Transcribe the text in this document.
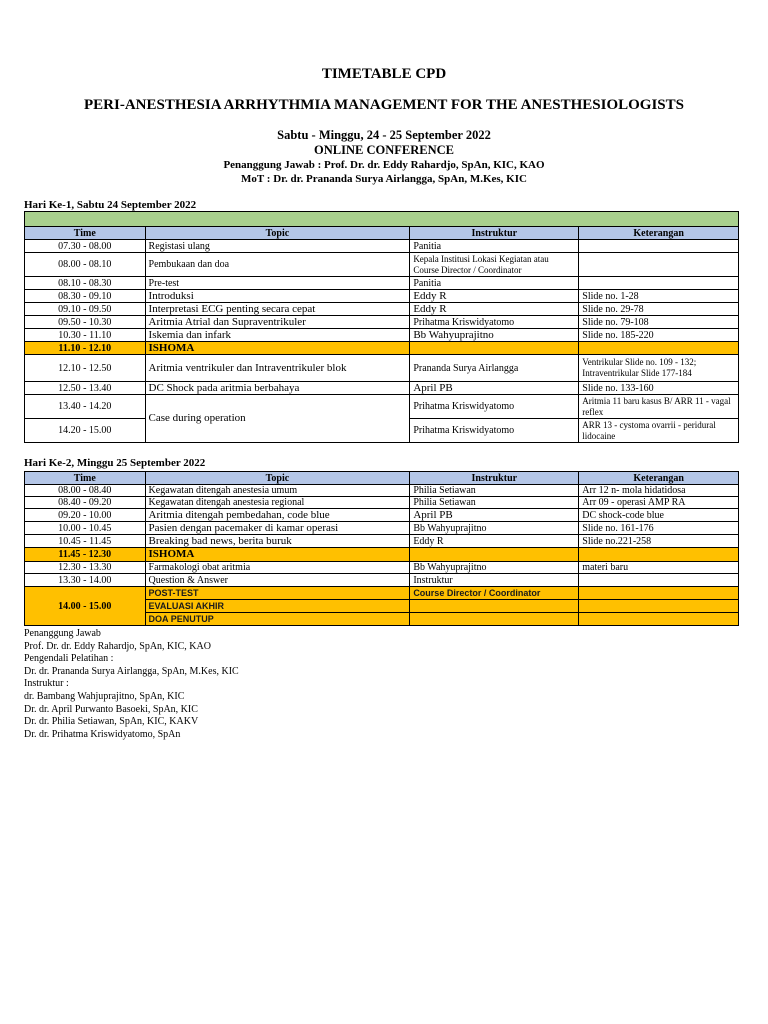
TIMETABLE CPD
PERI-ANESTHESIA ARRHYTHMIA MANAGEMENT FOR THE ANESTHESIOLOGISTS
Sabtu - Minggu, 24 - 25 September 2022
ONLINE CONFERENCE
Penanggung Jawab : Prof. Dr. dr. Eddy Rahardjo, SpAn, KIC, KAO
MoT : Dr. dr. Prananda Surya Airlangga, SpAn, M.Kes, KIC
Hari Ke-1, Sabtu 24 September 2022

Time	Topic	Instruktur	Keterangan
07.30 - 08.00	Registasi ulang	Panitia	
08.00 - 08.10	Pembukaan dan doa	Kepala Institusi Lokasi Kegiatan atau Course Director / Coordinator	
08.10 - 08.30	Pre-test	Panitia	
08.30 - 09.10	Introduksi	Eddy R	Slide no. 1-28
09.10 - 09.50	Interpretasi ECG penting secara cepat	Eddy R	Slide no. 29-78
09.50 - 10.30	Aritmia Atrial dan Supraventrikuler	Prihatma Kriswidyatomo	Slide no. 79-108
10.30 - 11.10	Iskemia dan infark	Bb Wahyuprajitno	Slide no. 185-220
11.10 - 12.10	ISHOMA		
12.10 - 12.50	Aritmia ventrikuler dan Intraventrikuler blok	Prananda Surya Airlangga	Ventrikular Slide no. 109 - 132; Intraventrikular Slide 177-184
12.50 - 13.40	DC Shock pada aritmia berbahaya	April PB	Slide no. 133-160
13.40 - 14.20	Case during operation	Prihatma Kriswidyatomo	Aritmia 11 baru kasus B/ ARR 11 - vagal reflex
14.20 - 15.00		Prihatma Kriswidyatomo	ARR 13 - cystoma ovarrii - peridural lidocaine
Hari Ke-2, Minggu 25 September 2022
Time	Topic	Instruktur	Keterangan
08.00 - 08.40	Kegawatan ditengah anestesia umum	Philia Setiawan	Arr 12 n- mola hidatidosa
08.40 - 09.20	Kegawatan ditengah anestesia regional	Philia Setiawan	Arr 09 - operasi AMP RA
09.20 - 10.00	Aritmia ditengah pembedahan, code blue	April PB	DC shock-code blue
10.00 - 10.45	Pasien dengan pacemaker di kamar operasi	Bb Wahyuprajitno	Slide no. 161-176
10.45 - 11.45	Breaking bad news, berita buruk	Eddy R	Slide no.221-258
11.45 - 12.30	ISHOMA		
12.30 - 13.30	Farmakologi obat aritmia	Bb Wahyuprajitno	materi baru
13.30 - 14.00	Question & Answer	Instruktur	
14.00 - 15.00	POST-TEST	Course Director / Coordinator	
	EVALUASI AKHIR		
	DOA PENUTUP		
Penanggung Jawab
Prof. Dr. dr. Eddy Rahardjo, SpAn, KIC, KAO
Pengendali Pelatihan :
Dr. dr. Prananda Surya Airlangga, SpAn, M.Kes, KIC
Instruktur :
dr. Bambang Wahjuprajitno, SpAn, KIC
Dr. dr. April Purwanto Basoeki, SpAn, KIC
Dr. dr. Philia Setiawan, SpAn, KIC, KAKV
Dr. dr. Prihatma Kriswidyatomo, SpAn
